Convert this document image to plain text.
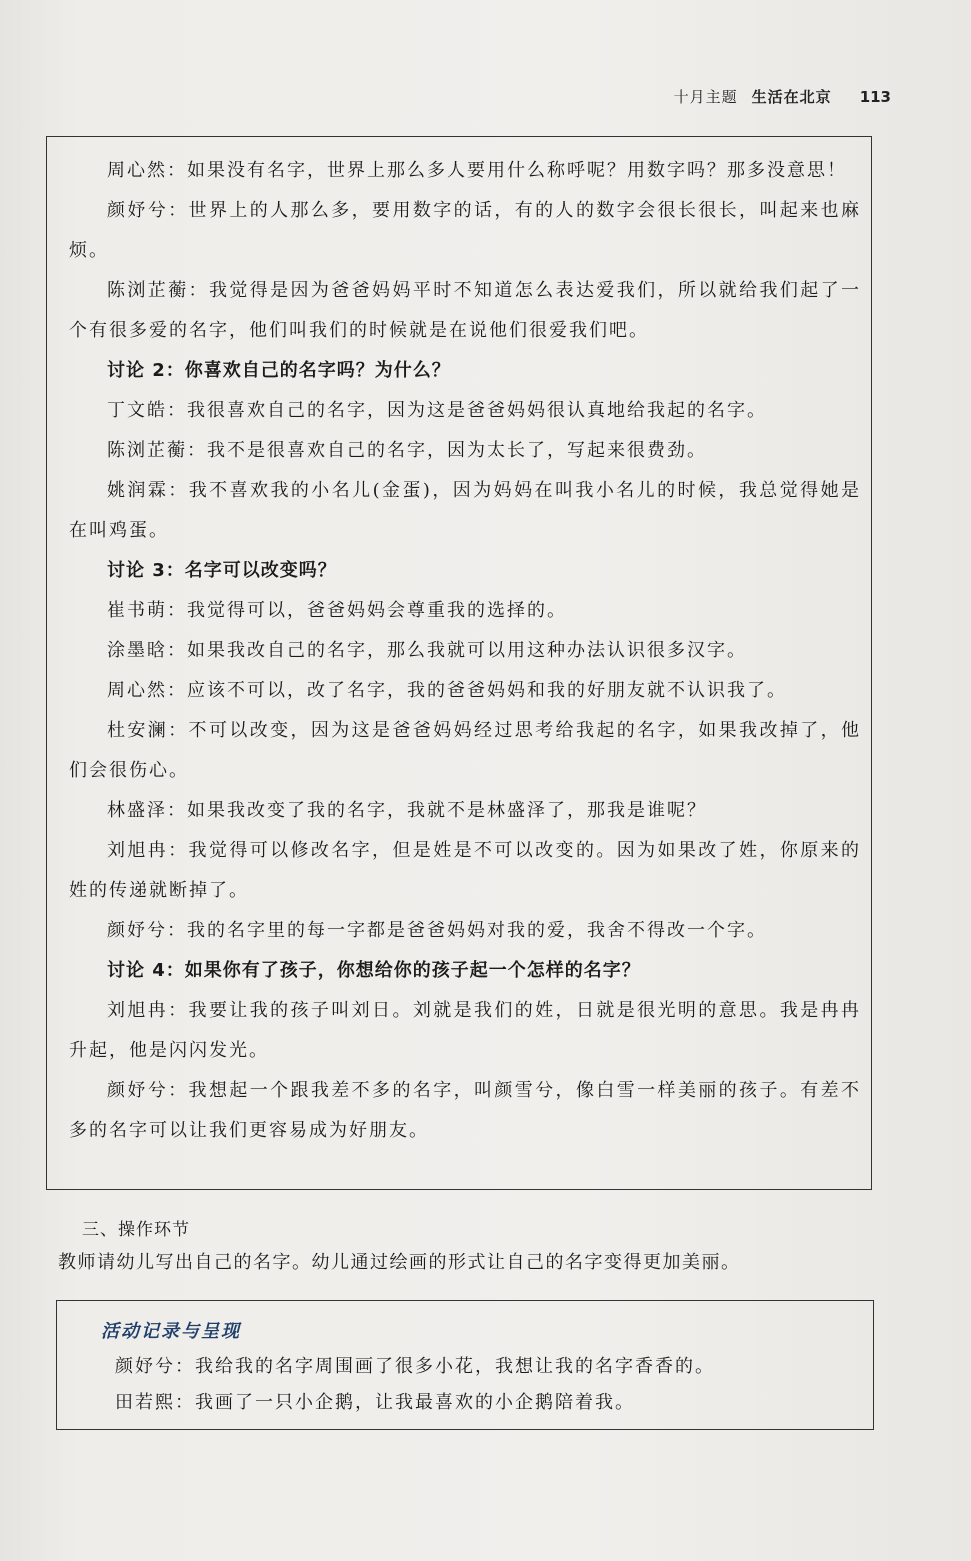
十月主题 生活在北京 113

周心然：如果没有名字，世界上那么多人要用什么称呼呢？用数字吗？那多没意思！

颜妤兮：世界上的人那么多，要用数字的话，有的人的数字会很长很长，叫起来也麻烦。

陈浏芷蘅：我觉得是因为爸爸妈妈平时不知道怎么表达爱我们，所以就给我们起了一个有很多爱的名字，他们叫我们的时候就是在说他们很爱我们吧。

讨论 2：你喜欢自己的名字吗？为什么？

丁文皓：我很喜欢自己的名字，因为这是爸爸妈妈很认真地给我起的名字。

陈浏芷蘅：我不是很喜欢自己的名字，因为太长了，写起来很费劲。

姚润霖：我不喜欢我的小名儿(金蛋)，因为妈妈在叫我小名儿的时候，我总觉得她是在叫鸡蛋。

讨论 3：名字可以改变吗？

崔书萌：我觉得可以，爸爸妈妈会尊重我的选择的。

涂墨晗：如果我改自己的名字，那么我就可以用这种办法认识很多汉字。

周心然：应该不可以，改了名字，我的爸爸妈妈和我的好朋友就不认识我了。

杜安澜：不可以改变，因为这是爸爸妈妈经过思考给我起的名字，如果我改掉了，他们会很伤心。

林盛泽：如果我改变了我的名字，我就不是林盛泽了，那我是谁呢？

刘旭冉：我觉得可以修改名字，但是姓是不可以改变的。因为如果改了姓，你原来的姓的传递就断掉了。

颜妤兮：我的名字里的每一字都是爸爸妈妈对我的爱，我舍不得改一个字。

讨论 4：如果你有了孩子，你想给你的孩子起一个怎样的名字？

刘旭冉：我要让我的孩子叫刘日。刘就是我们的姓，日就是很光明的意思。我是冉冉升起，他是闪闪发光。

颜妤兮：我想起一个跟我差不多的名字，叫颜雪兮，像白雪一样美丽的孩子。有差不多的名字可以让我们更容易成为好朋友。

三、操作环节
教师请幼儿写出自己的名字。幼儿通过绘画的形式让自己的名字变得更加美丽。

活动记录与呈现

颜妤兮：我给我的名字周围画了很多小花，我想让我的名字香香的。

田若熙：我画了一只小企鹅，让我最喜欢的小企鹅陪着我。
